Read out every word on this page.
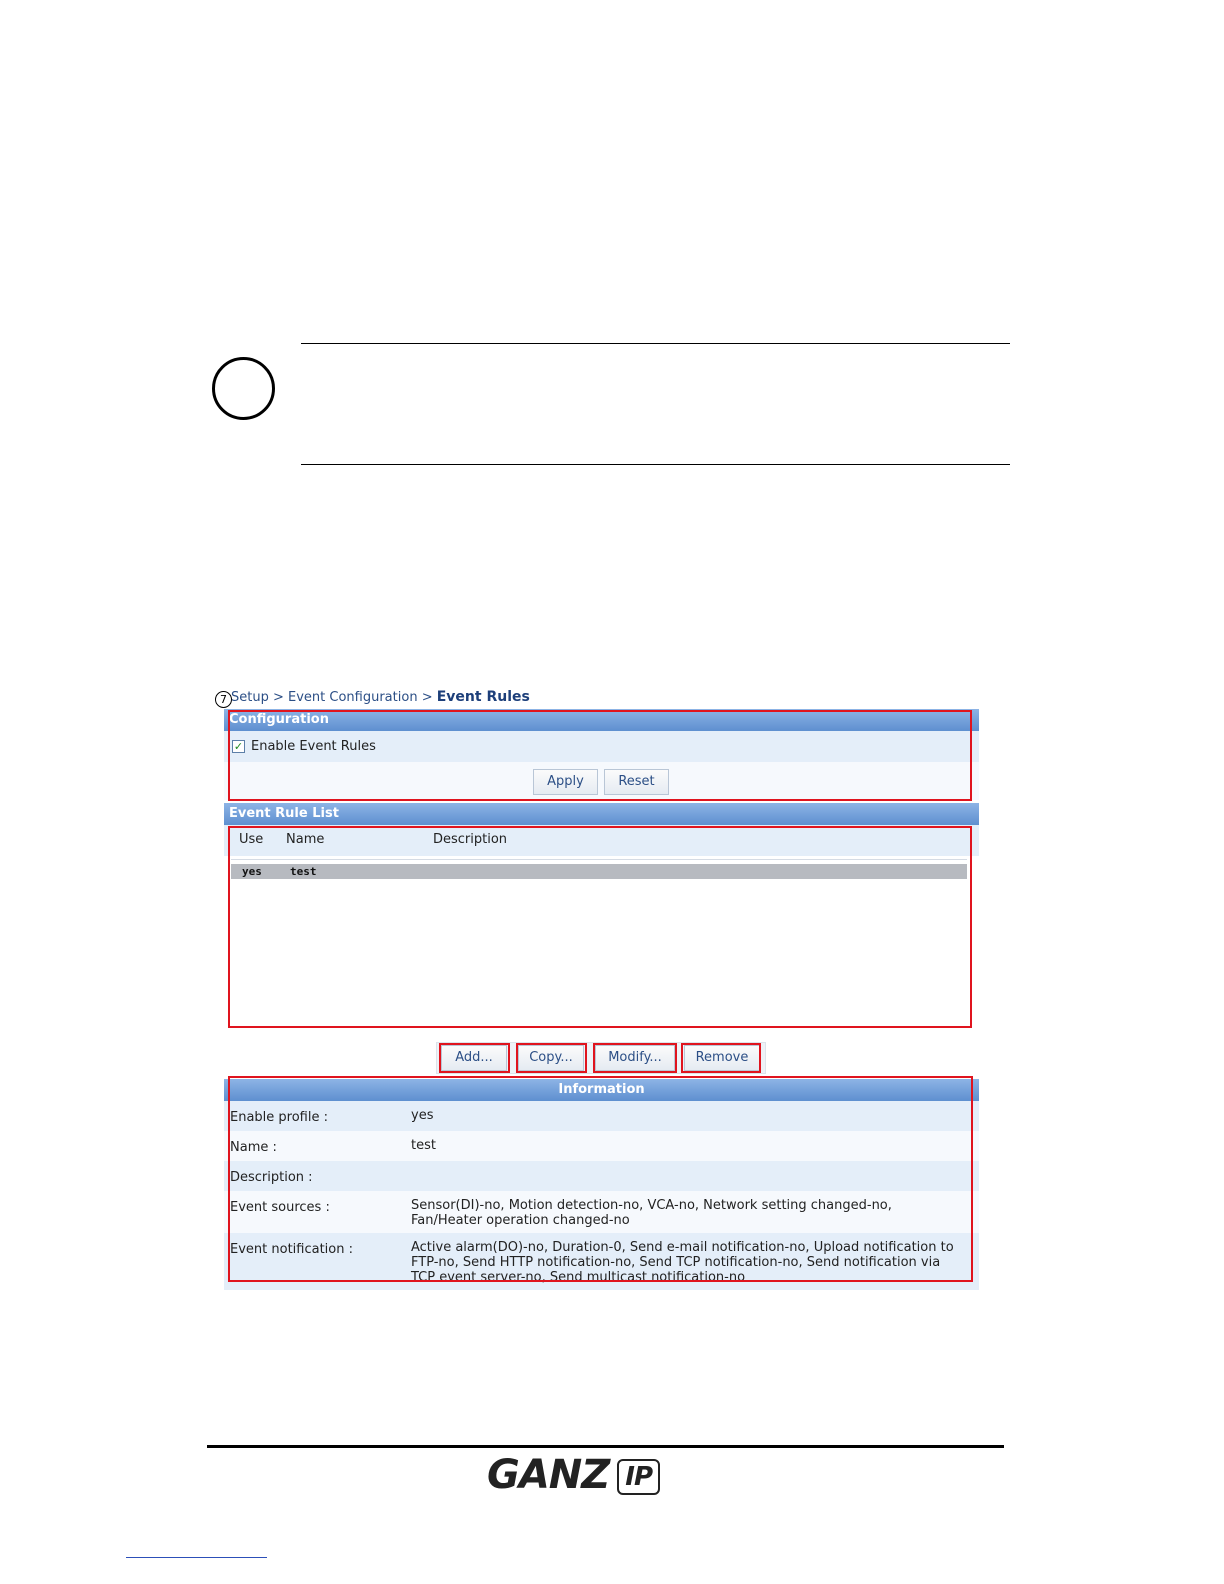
7 Setup > Event Configuration > Event Rules
Configuration
✓ Enable Event Rules
Apply	Reset
Event Rule List
Use Name	Description
yes	test
Add...	Copy...	Modify...	Remove
Information
Enable profile :	yes
Name :	test
Description :
Event sources :	Sensor(DI)-no, Motion detection-no, VCA-no, Network setting changed-no, Fan/Heater operation changed-no
Event notification :	Active alarm(DO)-no, Duration-0, Send e-mail notification-no, Upload notification to FTP-no, Send HTTP notification-no, Send TCP notification-no, Send notification via TCP event server-no, Send multicast notification-no
GANZ IP
